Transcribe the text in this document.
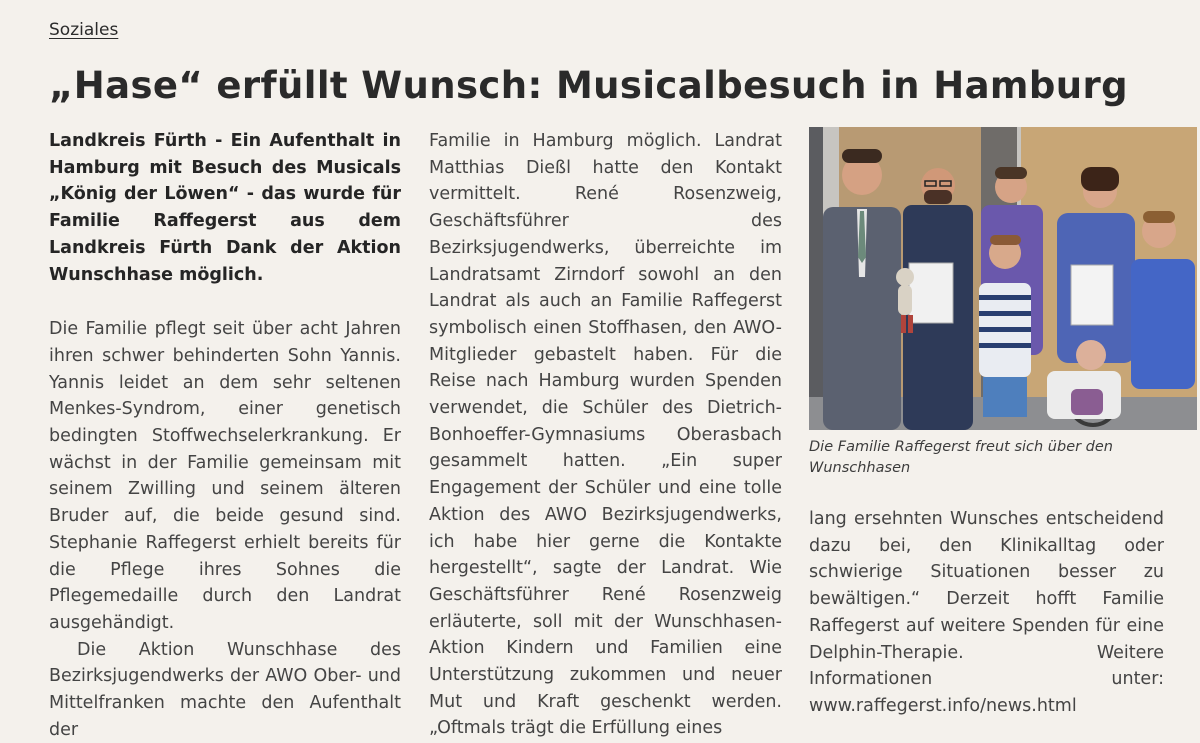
Soziales
„Hase“ erfüllt Wunsch: Musicalbesuch in Hamburg

Landkreis Fürth - Ein Aufenthalt in Hamburg mit Besuch des Musicals „König der Löwen“ - das wurde für Familie Raffegerst aus dem Landkreis Fürth Dank der Aktion Wunschhase möglich.

Die Familie pflegt seit über acht Jahren ihren schwer behinderten Sohn Yannis. Yannis leidet an dem sehr seltenen Menkes-Syndrom, einer genetisch bedingten Stoffwechselerkrankung. Er wächst in der Familie gemeinsam mit seinem Zwilling und seinem älteren Bruder auf, die beide gesund sind. Stephanie Raffegerst erhielt bereits für die Pflege ihres Sohnes die Pflegemedaille durch den Landrat ausgehändigt.

Die Aktion Wunschhase des Bezirksjugendwerks der AWO Ober- und Mittelfranken machte den Aufenthalt der

Familie in Hamburg möglich. Landrat Matthias Dießl hatte den Kontakt vermittelt. René Rosenzweig, Geschäftsführer des Bezirksjugendwerks, überreichte im Landratsamt Zirndorf sowohl an den Landrat als auch an Familie Raffegerst symbolisch einen Stoffhasen, den AWO-Mitglieder gebastelt haben. Für die Reise nach Hamburg wurden Spenden verwendet, die Schüler des Dietrich-Bonhoeffer-Gymnasiums Oberasbach gesammelt hatten. „Ein super Engagement der Schüler und eine tolle Aktion des AWO Bezirksjugendwerks, ich habe hier gerne die Kontakte hergestellt“, sagte der Landrat. Wie Geschäftsführer René Rosenzweig erläuterte, soll mit der Wunschhasen-Aktion Kindern und Familien eine Unterstützung zukommen und neuer Mut und Kraft geschenkt werden. „Oftmals trägt die Erfüllung eines

Die Familie Raffegerst freut sich über den Wunschhasen

lang ersehnten Wunsches entscheidend dazu bei, den Klinikalltag oder schwierige Situationen besser zu bewältigen.“ Derzeit hofft Familie Raffegerst auf weitere Spenden für eine Delphin-Therapie. Weitere Informationen unter: www.raffegerst.info/news.html
